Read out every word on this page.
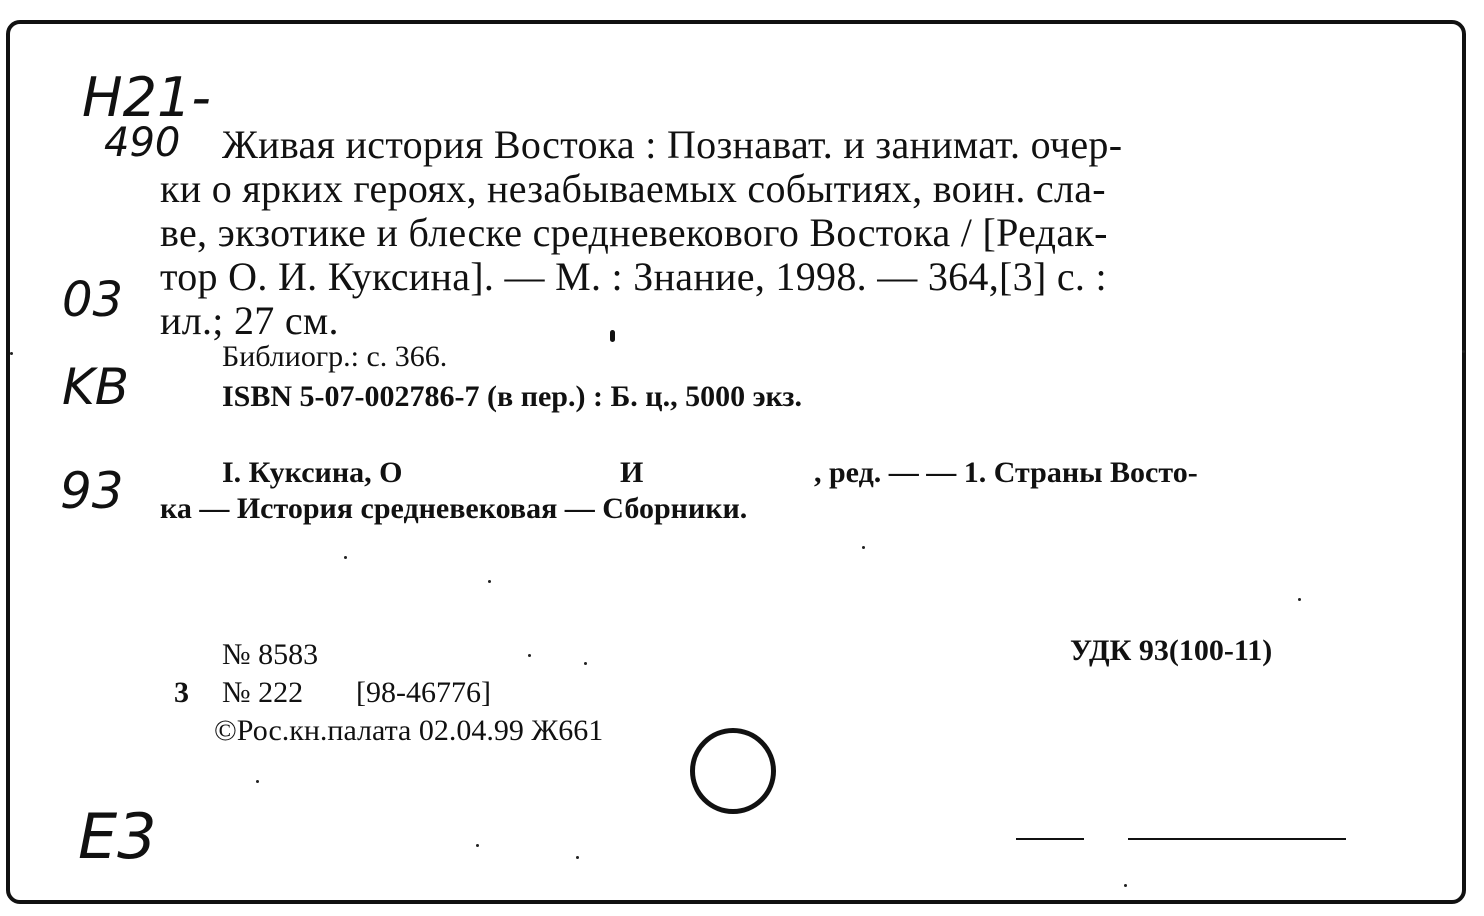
H21-
490
03
KB
93
E3
Живая история Востока : Познават. и занимат. очер-
ки о ярких героях, незабываемых событиях, воин. сла-
ве, экзотике и блеске средневекового Востока / [Редак-
тор О. И. Куксина]. — М. : Знание, 1998. — 364,[3] с. :
ил.; 27 см.
Библиогр.: с. 366.
ISBN 5-07-002786-7 (в пер.) : Б. ц., 5000 экз.
I. Куксина, О	И	, ред. — — 1. Страны Восто-
ка — История средневековая — Сборники.
№ 8583	УДК 93(100-11)
3 № 222 [98-46776]
©Рос.кн.палата 02.04.99 Ж661
